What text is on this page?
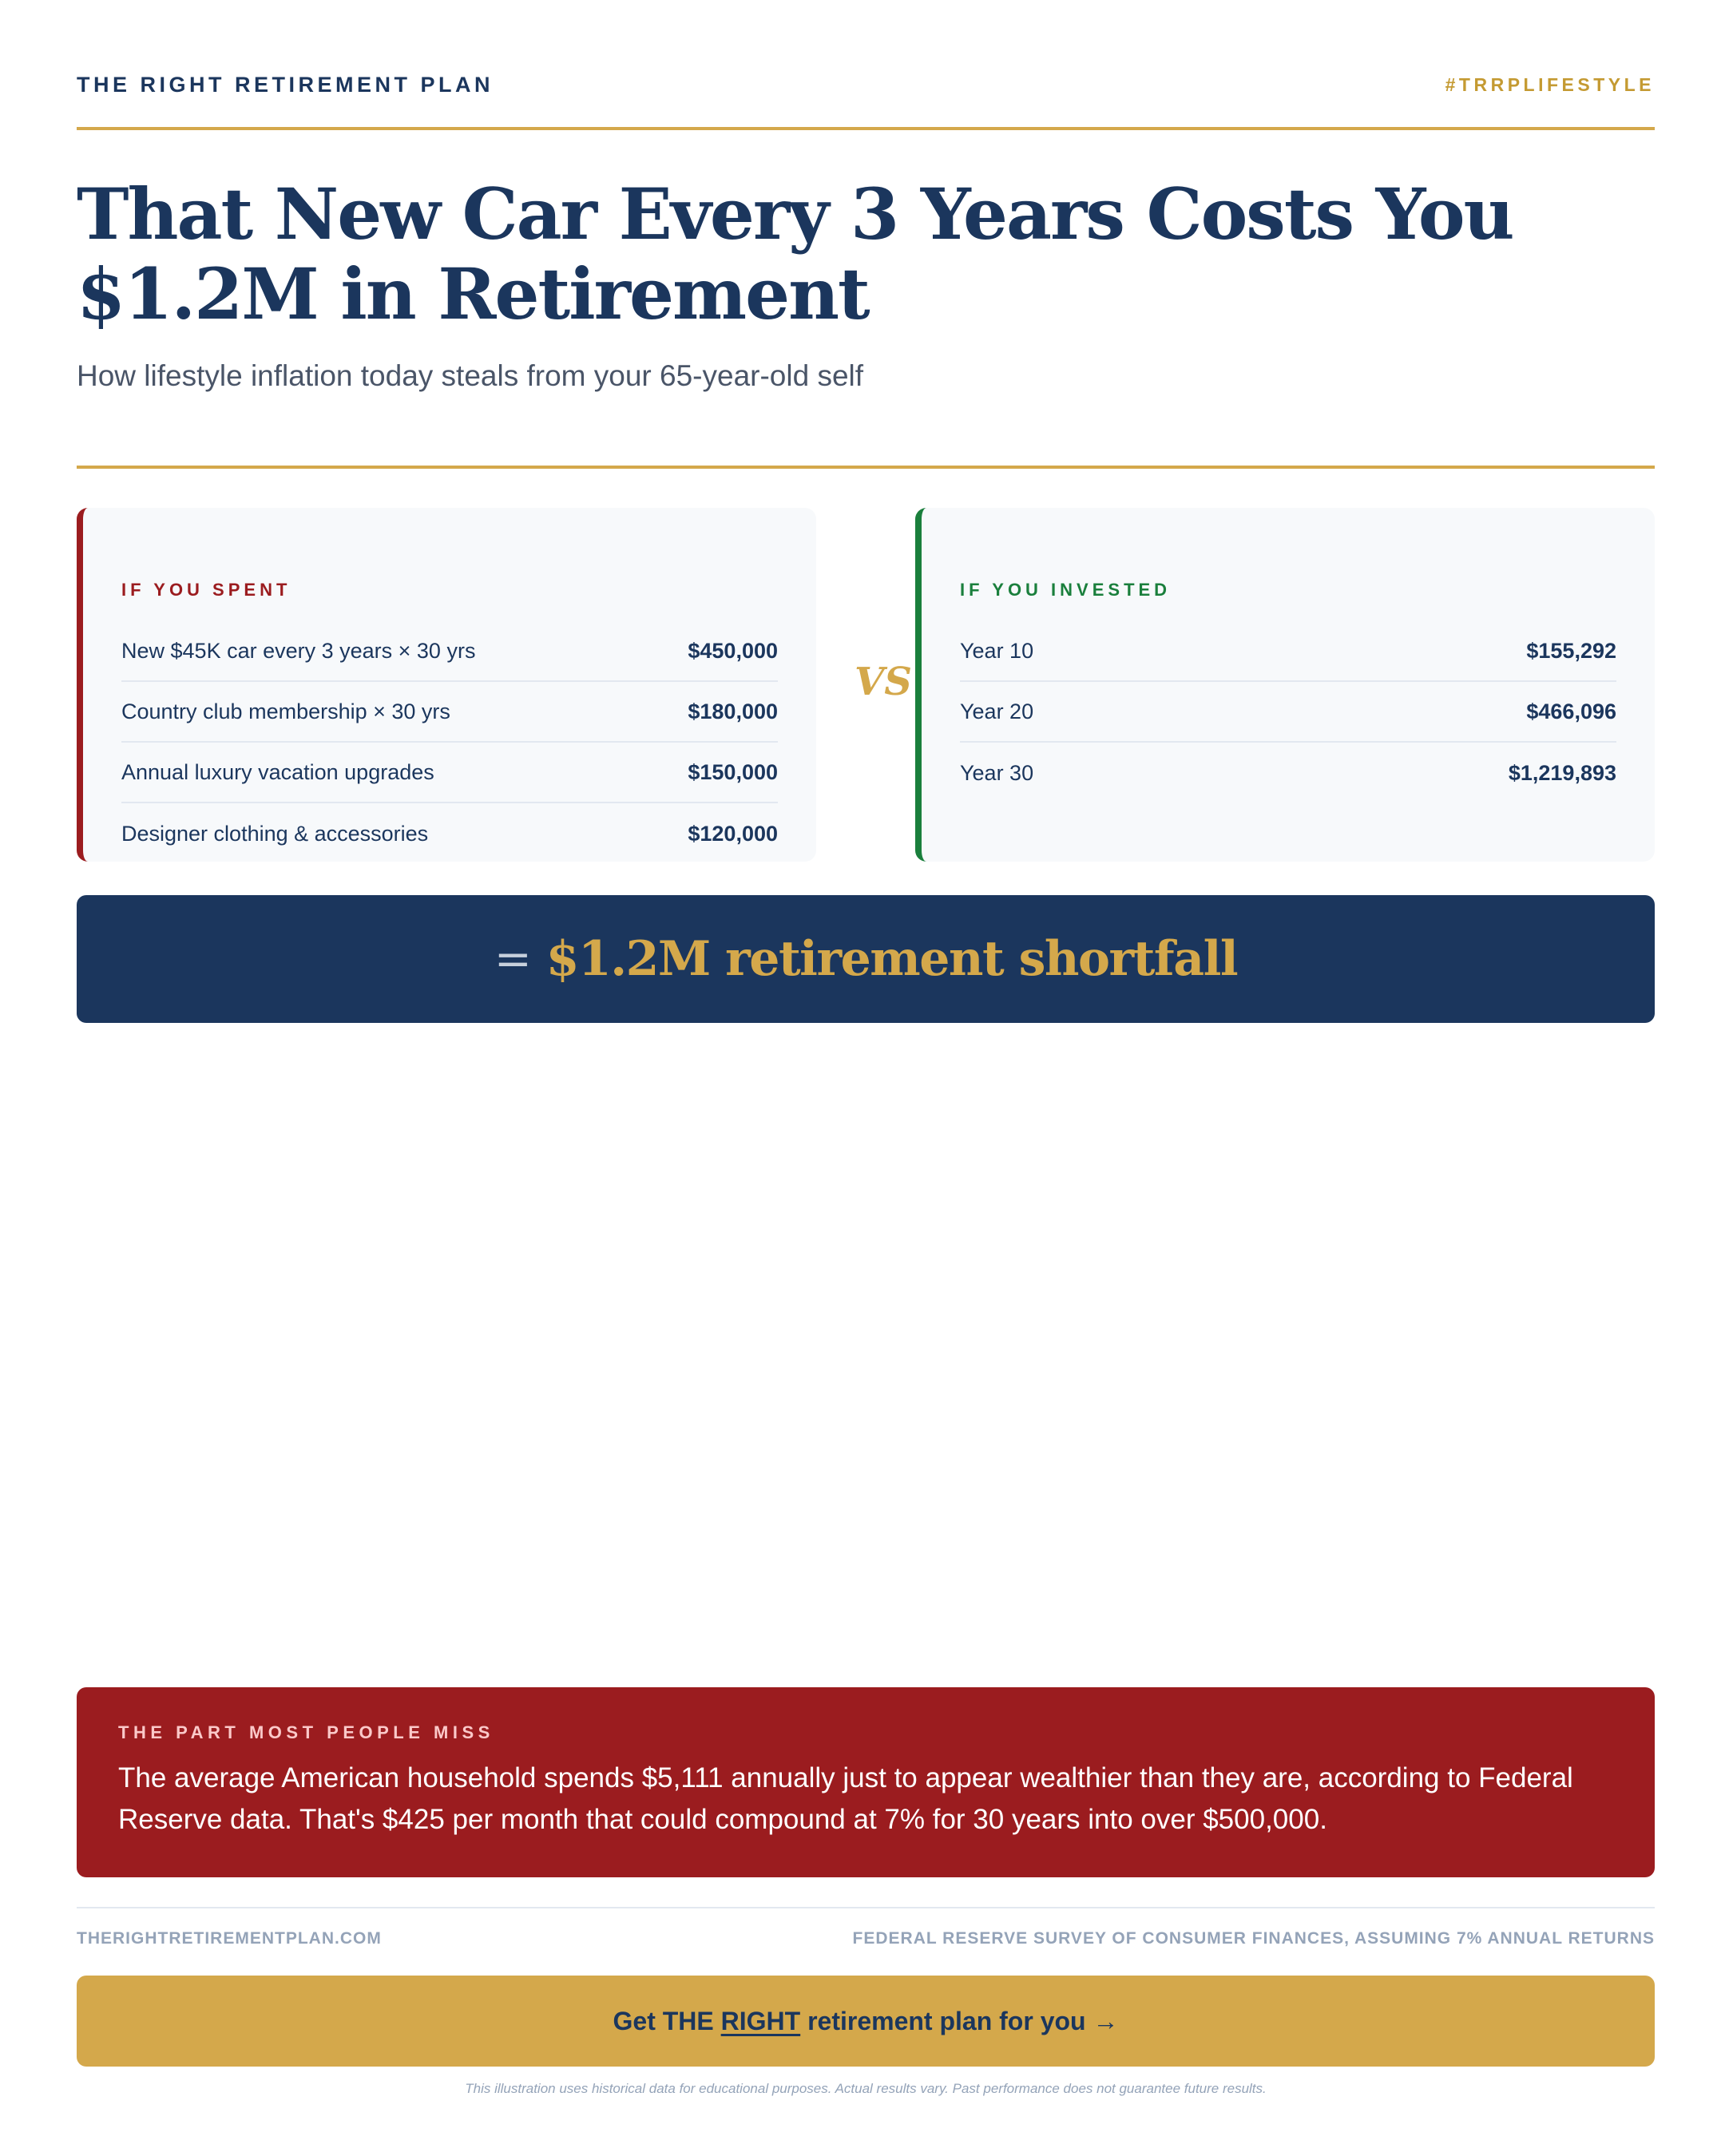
THE RIGHT RETIREMENT PLAN	#TRRPLIFESTYLE
That New Car Every 3 Years Costs You $1.2M in Retirement

How lifestyle inflation today steals from your 65-year-old self

IF YOU SPENT
New $45K car every 3 years × 30 yrs	$450,000
Country club membership × 30 yrs	$180,000
Annual luxury vacation upgrades	$150,000
Designer clothing & accessories	$120,000
VS
IF YOU INVESTED
Year 10	$155,292
Year 20	$466,096
Year 30	$1,219,893
= $1.2M retirement shortfall
THE PART MOST PEOPLE MISS

The average American household spends $5,111 annually just to appear wealthier than they are, according to Federal Reserve data. That's $425 per month that could compound at 7% for 30 years into over $500,000.

THERIGHTRETIREMENTPLAN.COM	FEDERAL RESERVE SURVEY OF CONSUMER FINANCES, ASSUMING 7% ANNUAL RETURNS
Get THE RIGHT retirement plan for you
→

This illustration uses historical data for educational purposes. Actual results vary. Past performance does not guarantee future results.
